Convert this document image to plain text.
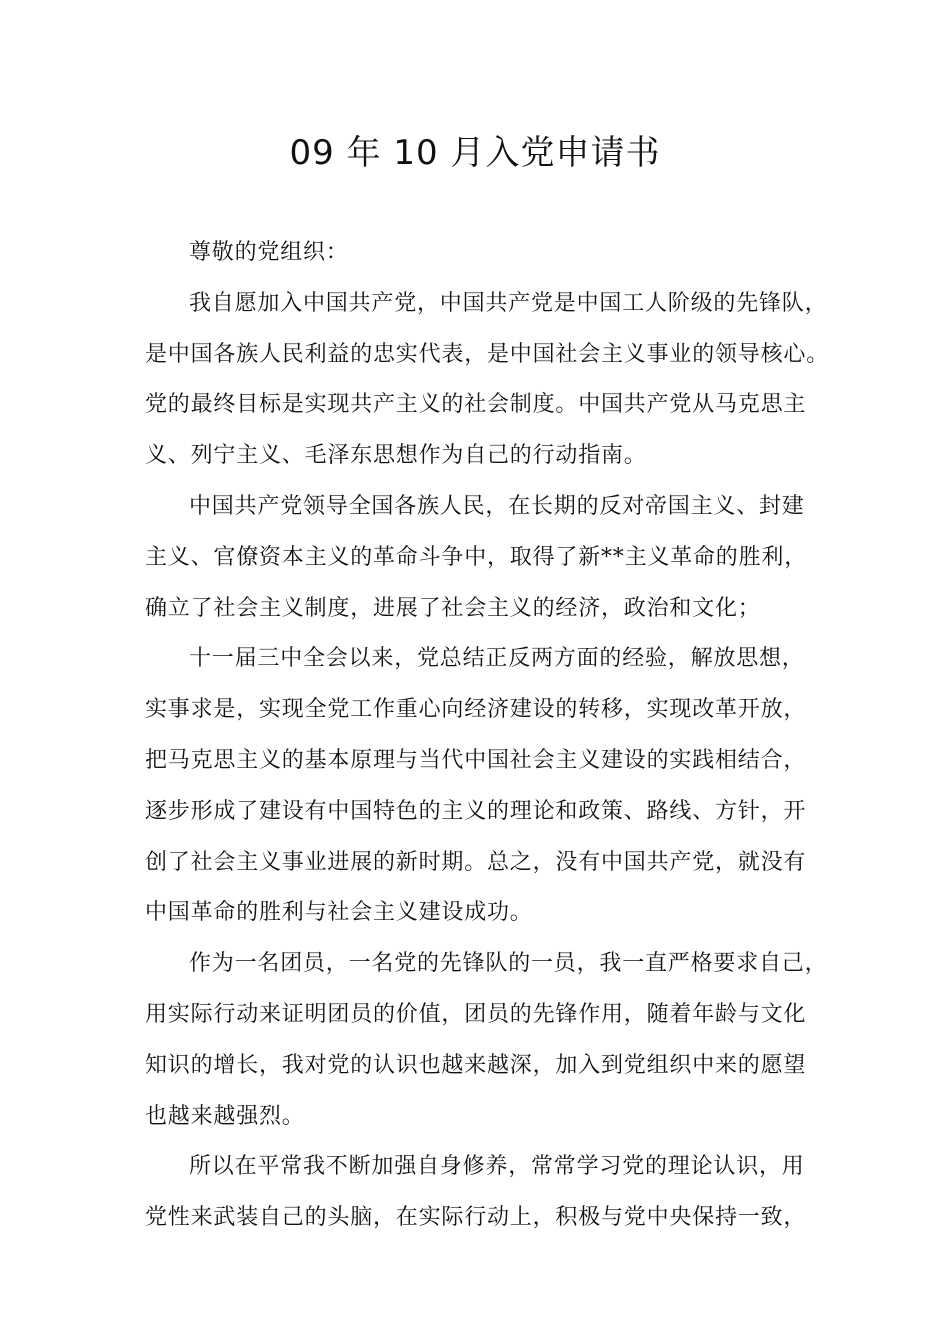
09 年 10 月入党申请书
尊敬的党组织：
我自愿加入中国共产党，中国共产党是中国工人阶级的先锋队，
是中国各族人民利益的忠实代表，是中国社会主义事业的领导核心。
党的最终目标是实现共产主义的社会制度。中国共产党从马克思主
义、列宁主义、毛泽东思想作为自己的行动指南。
中国共产党领导全国各族人民，在长期的反对帝国主义、封建
主义、官僚资本主义的革命斗争中，取得了新**主义革命的胜利，
确立了社会主义制度，进展了社会主义的经济，政治和文化；
十一届三中全会以来，党总结正反两方面的经验，解放思想，
实事求是，实现全党工作重心向经济建设的转移，实现改革开放，
把马克思主义的基本原理与当代中国社会主义建设的实践相结合，
逐步形成了建设有中国特色的主义的理论和政策、路线、方针，开
创了社会主义事业进展的新时期。总之，没有中国共产党，就没有
中国革命的胜利与社会主义建设成功。
作为一名团员，一名党的先锋队的一员，我一直严格要求自己，
用实际行动来证明团员的价值，团员的先锋作用，随着年龄与文化
知识的增长，我对党的认识也越来越深，加入到党组织中来的愿望
也越来越强烈。
所以在平常我不断加强自身修养，常常学习党的理论认识，用
党性来武装自己的头脑，在实际行动上，积极与党中央保持一致，
